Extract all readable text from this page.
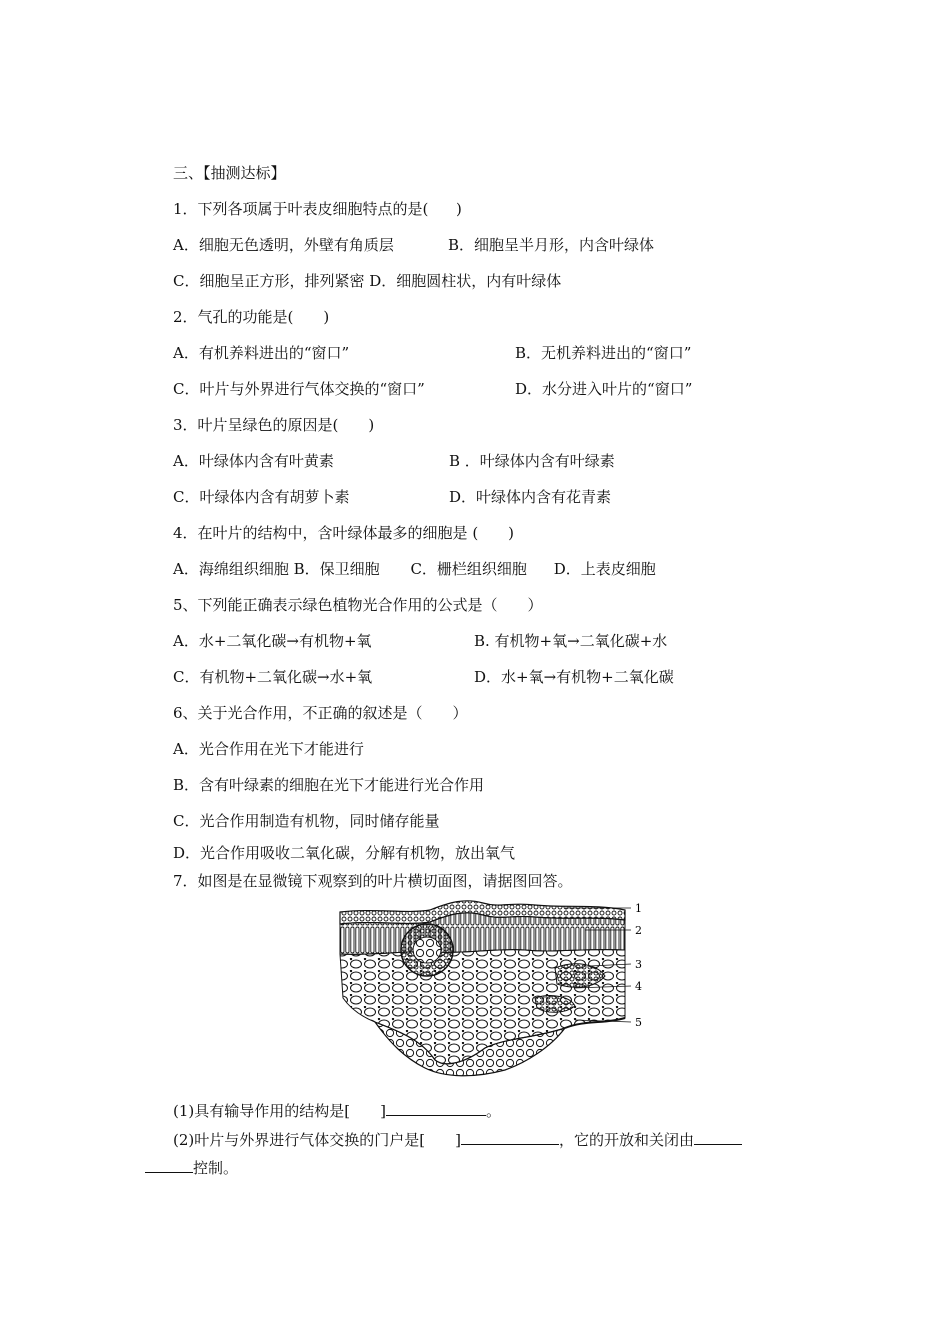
三、【抽测达标】
1．下列各项属于叶表皮细胞特点的是(  )
A．细胞无色透明，外壁有角质层	B．细胞呈半月形，内含叶绿体
C．细胞呈正方形，排列紧密 D．细胞圆柱状，内有叶绿体
2．气孔的功能是(　　)
A．有机养料进出的“窗口”	B．无机养料进出的“窗口”
C．叶片与外界进行气体交换的“窗口”	D．水分进入叶片的“窗口”
3．叶片呈绿色的原因是(　　)
A．叶绿体内含有叶黄素	B ．叶绿体内含有叶绿素
C．叶绿体内含有胡萝卜素	D．叶绿体内含有花青素
4．在叶片的结构中，含叶绿体最多的细胞是 (　　)
A．海绵组织细胞 B．保卫细胞 C．栅栏组织细胞 D．上表皮细胞
5、下列能正确表示绿色植物光合作用的公式是（　　）
A．水+二氧化碳→有机物+氧	B. 有机物+氧→二氧化碳+水
C．有机物+二氧化碳→水+氧	D．水+氧→有机物+二氧化碳
6、关于光合作用，不正确的叙述是（　　）
A．光合作用在光下才能进行
B．含有叶绿素的细胞在光下才能进行光合作用
C．光合作用制造有机物，同时储存能量
D．光合作用吸收二氧化碳，分解有机物，放出氧气
7．如图是在显微镜下观察到的叶片横切面图，请据图回答。
1
2
3
4
5
(1)具有输导作用的结构是[　　]	。
(2)叶片与外界进行气体交换的门户是[　　]	，它的开放和关闭由
控制。
